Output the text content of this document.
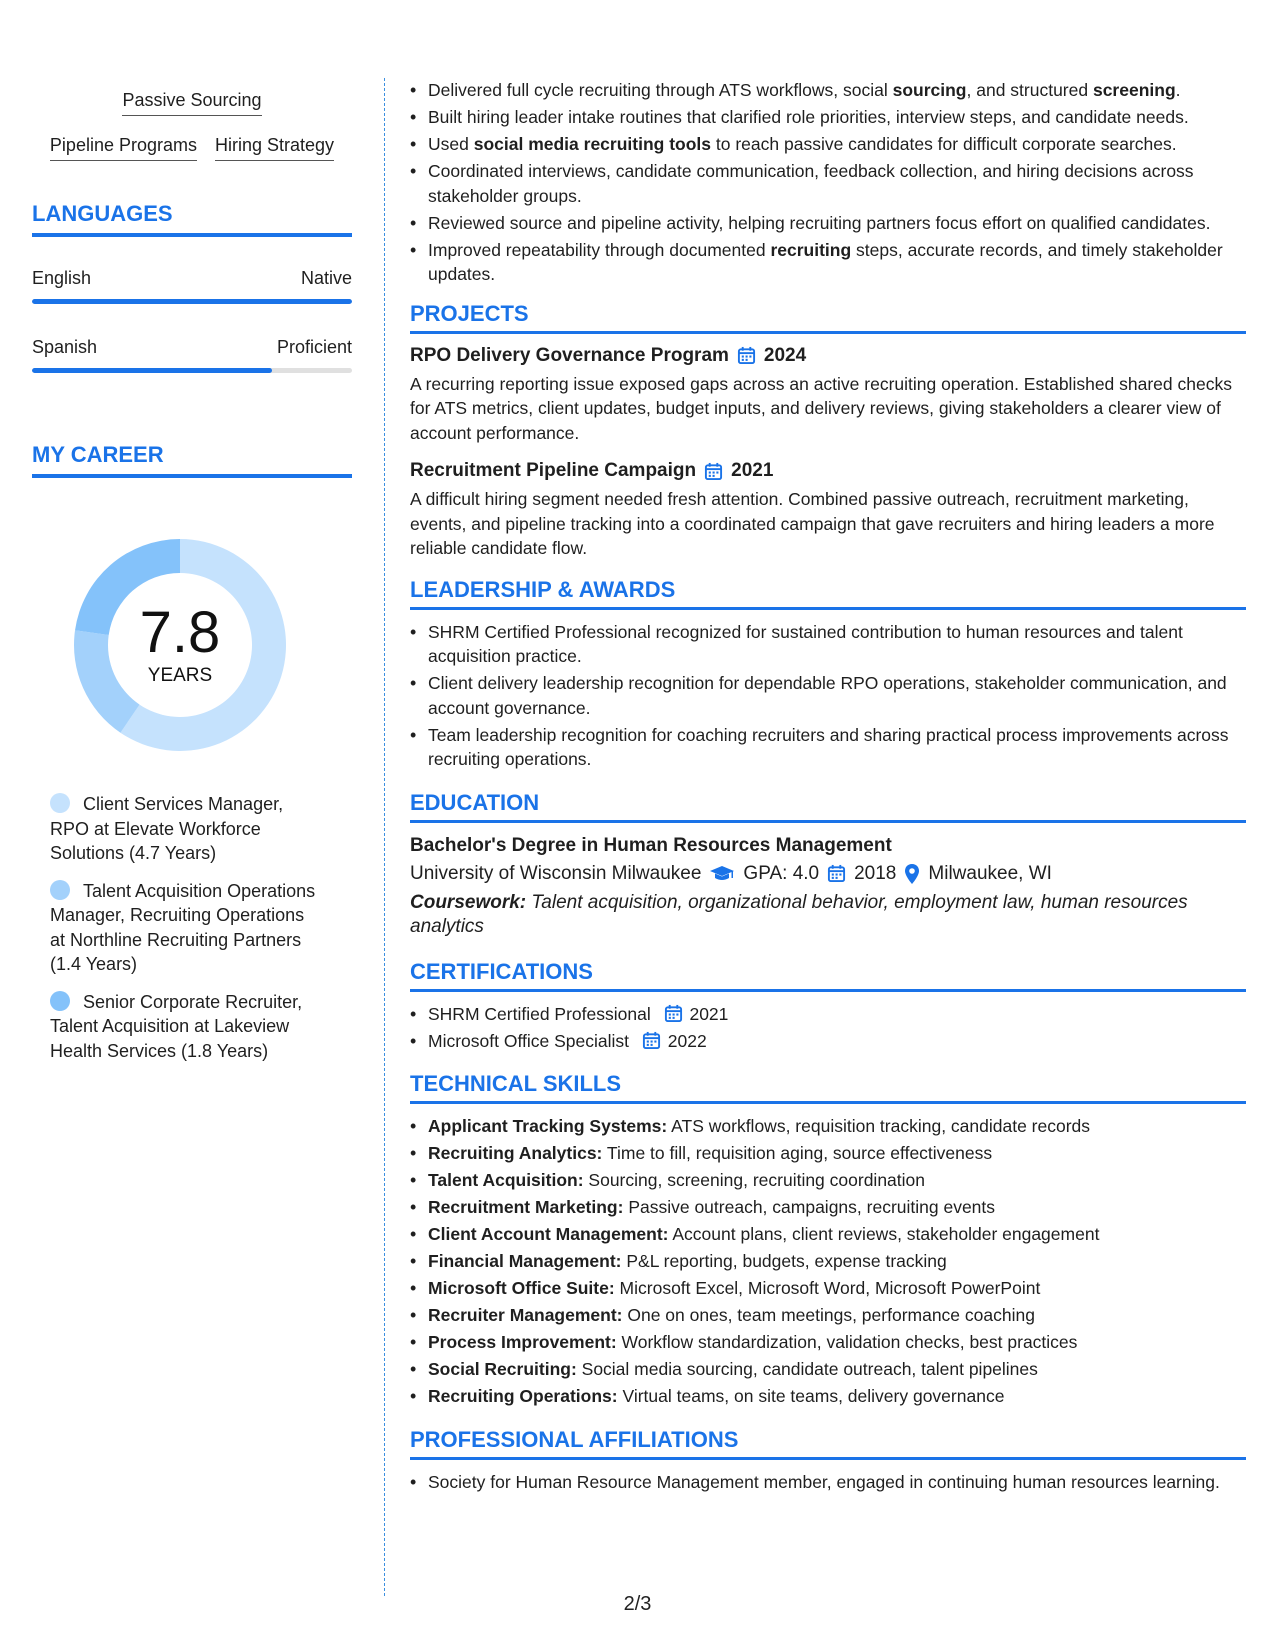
Passive Sourcing
Pipeline Programs Hiring Strategy
LANGUAGES
English	Native
Spanish	Proficient
MY CAREER
7.8
YEARS
Client Services Manager, RPO at Elevate Workforce Solutions (4.7 Years)
Talent Acquisition Operations Manager, Recruiting Operations at Northline Recruiting Partners (1.4 Years)
Senior Corporate Recruiter, Talent Acquisition at Lakeview Health Services (1.8 Years)
• Delivered full cycle recruiting through ATS workflows, social sourcing, and structured screening.
• Built hiring leader intake routines that clarified role priorities, interview steps, and candidate needs.
• Used social media recruiting tools to reach passive candidates for difficult corporate searches.
• Coordinated interviews, candidate communication, feedback collection, and hiring decisions across stakeholder groups.
• Reviewed source and pipeline activity, helping recruiting partners focus effort on qualified candidates.
• Improved repeatability through documented recruiting steps, accurate records, and timely stakeholder updates.
PROJECTS
RPO Delivery Governance Program 2024
A recurring reporting issue exposed gaps across an active recruiting operation. Established shared checks for ATS metrics, client updates, budget inputs, and delivery reviews, giving stakeholders a clearer view of account performance.
Recruitment Pipeline Campaign 2021
A difficult hiring segment needed fresh attention. Combined passive outreach, recruitment marketing, events, and pipeline tracking into a coordinated campaign that gave recruiters and hiring leaders a more reliable candidate flow.
LEADERSHIP & AWARDS
• SHRM Certified Professional recognized for sustained contribution to human resources and talent acquisition practice.
• Client delivery leadership recognition for dependable RPO operations, stakeholder communication, and account governance.
• Team leadership recognition for coaching recruiters and sharing practical process improvements across recruiting operations.
EDUCATION
Bachelor's Degree in Human Resources Management
University of Wisconsin Milwaukee GPA: 4.0 2018 Milwaukee, WI
Coursework: Talent acquisition, organizational behavior, employment law, human resources analytics
CERTIFICATIONS
• SHRM Certified Professional 2021
• Microsoft Office Specialist 2022
TECHNICAL SKILLS
• Applicant Tracking Systems: ATS workflows, requisition tracking, candidate records
• Recruiting Analytics: Time to fill, requisition aging, source effectiveness
• Talent Acquisition: Sourcing, screening, recruiting coordination
• Recruitment Marketing: Passive outreach, campaigns, recruiting events
• Client Account Management: Account plans, client reviews, stakeholder engagement
• Financial Management: P&L reporting, budgets, expense tracking
• Microsoft Office Suite: Microsoft Excel, Microsoft Word, Microsoft PowerPoint
• Recruiter Management: One on ones, team meetings, performance coaching
• Process Improvement: Workflow standardization, validation checks, best practices
• Social Recruiting: Social media sourcing, candidate outreach, talent pipelines
• Recruiting Operations: Virtual teams, on site teams, delivery governance
PROFESSIONAL AFFILIATIONS
• Society for Human Resource Management member, engaged in continuing human resources learning.
2/3
